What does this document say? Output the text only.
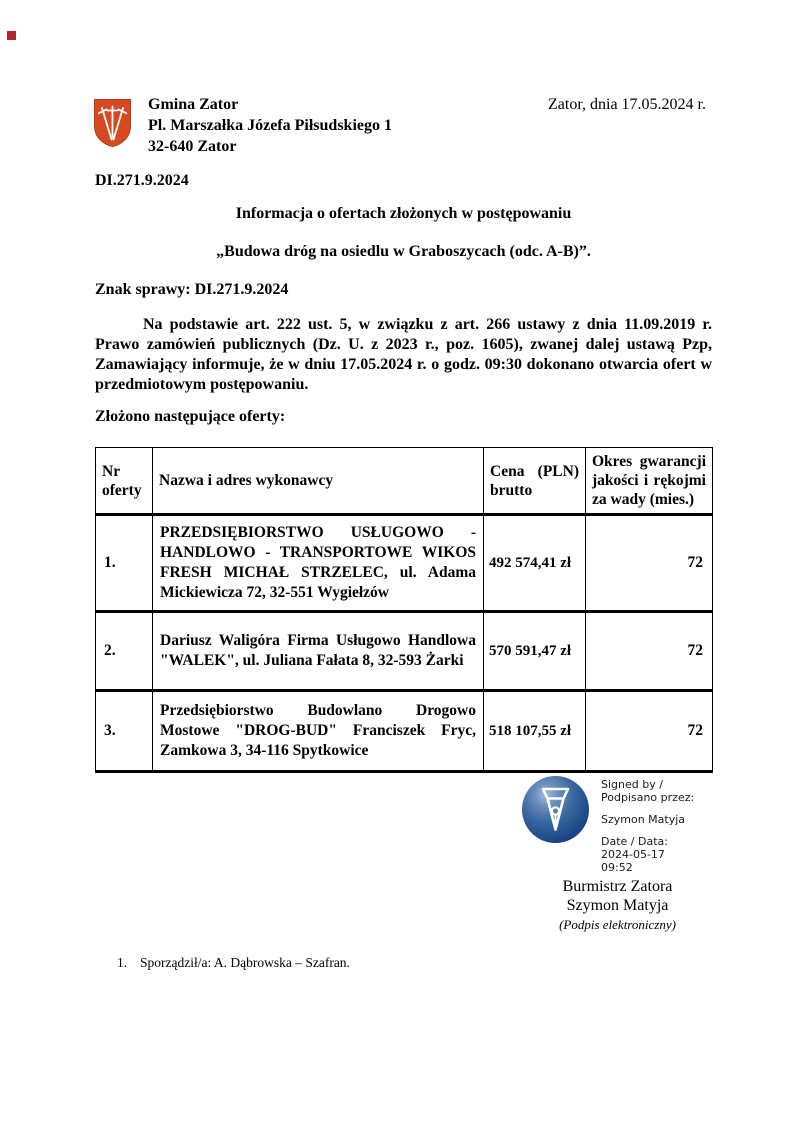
Gmina Zator
Pl. Marszałka Józefa Piłsudskiego 1
32-640 Zator
Zator, dnia 17.05.2024 r.
DI.271.9.2024
Informacja o ofertach złożonych w postępowaniu
„Budowa dróg na osiedlu w Graboszycach (odc. A-B)”.
Znak sprawy: DI.271.9.2024
Na podstawie art. 222 ust. 5, w związku z art. 266 ustawy z dnia 11.09.2019 r. Prawo zamówień publicznych (Dz. U. z 2023 r., poz. 1605), zwanej dalej ustawą Pzp, Zamawiający informuje, że w dniu 17.05.2024 r. o godz. 09:30 dokonano otwarcia ofert w przedmiotowym postępowaniu.
Złożono następujące oferty:
Nr oferty	Nazwa i adres wykonawcy	Cena (PLN) brutto	Okres gwarancji jakości i rękojmi za wady (mies.)
1.	PRZEDSIĘBIORSTWO USŁUGOWO - HANDLOWO - TRANSPORTOWE WIKOS FRESH MICHAŁ STRZELEC, ul. Adama Mickiewicza 72, 32-551 Wygiełzów	492 574,41 zł	72
2.	Dariusz Waligóra Firma Usługowo Handlowa "WALEK", ul. Juliana Fałata 8, 32-593 Żarki	570 591,47 zł	72
3.	Przedsiębiorstwo Budowlano Drogowo Mostowe "DROG-BUD" Franciszek Fryc, Zamkowa 3, 34-116 Spytkowice	518 107,55 zł	72
Signed by /
Podpisano przez:
Szymon Matyja
Date / Data:
2024-05-17
09:52
Burmistrz Zatora
Szymon Matyja
(Podpis elektroniczny)
1. Sporządził/a: A. Dąbrowska – Szafran.
